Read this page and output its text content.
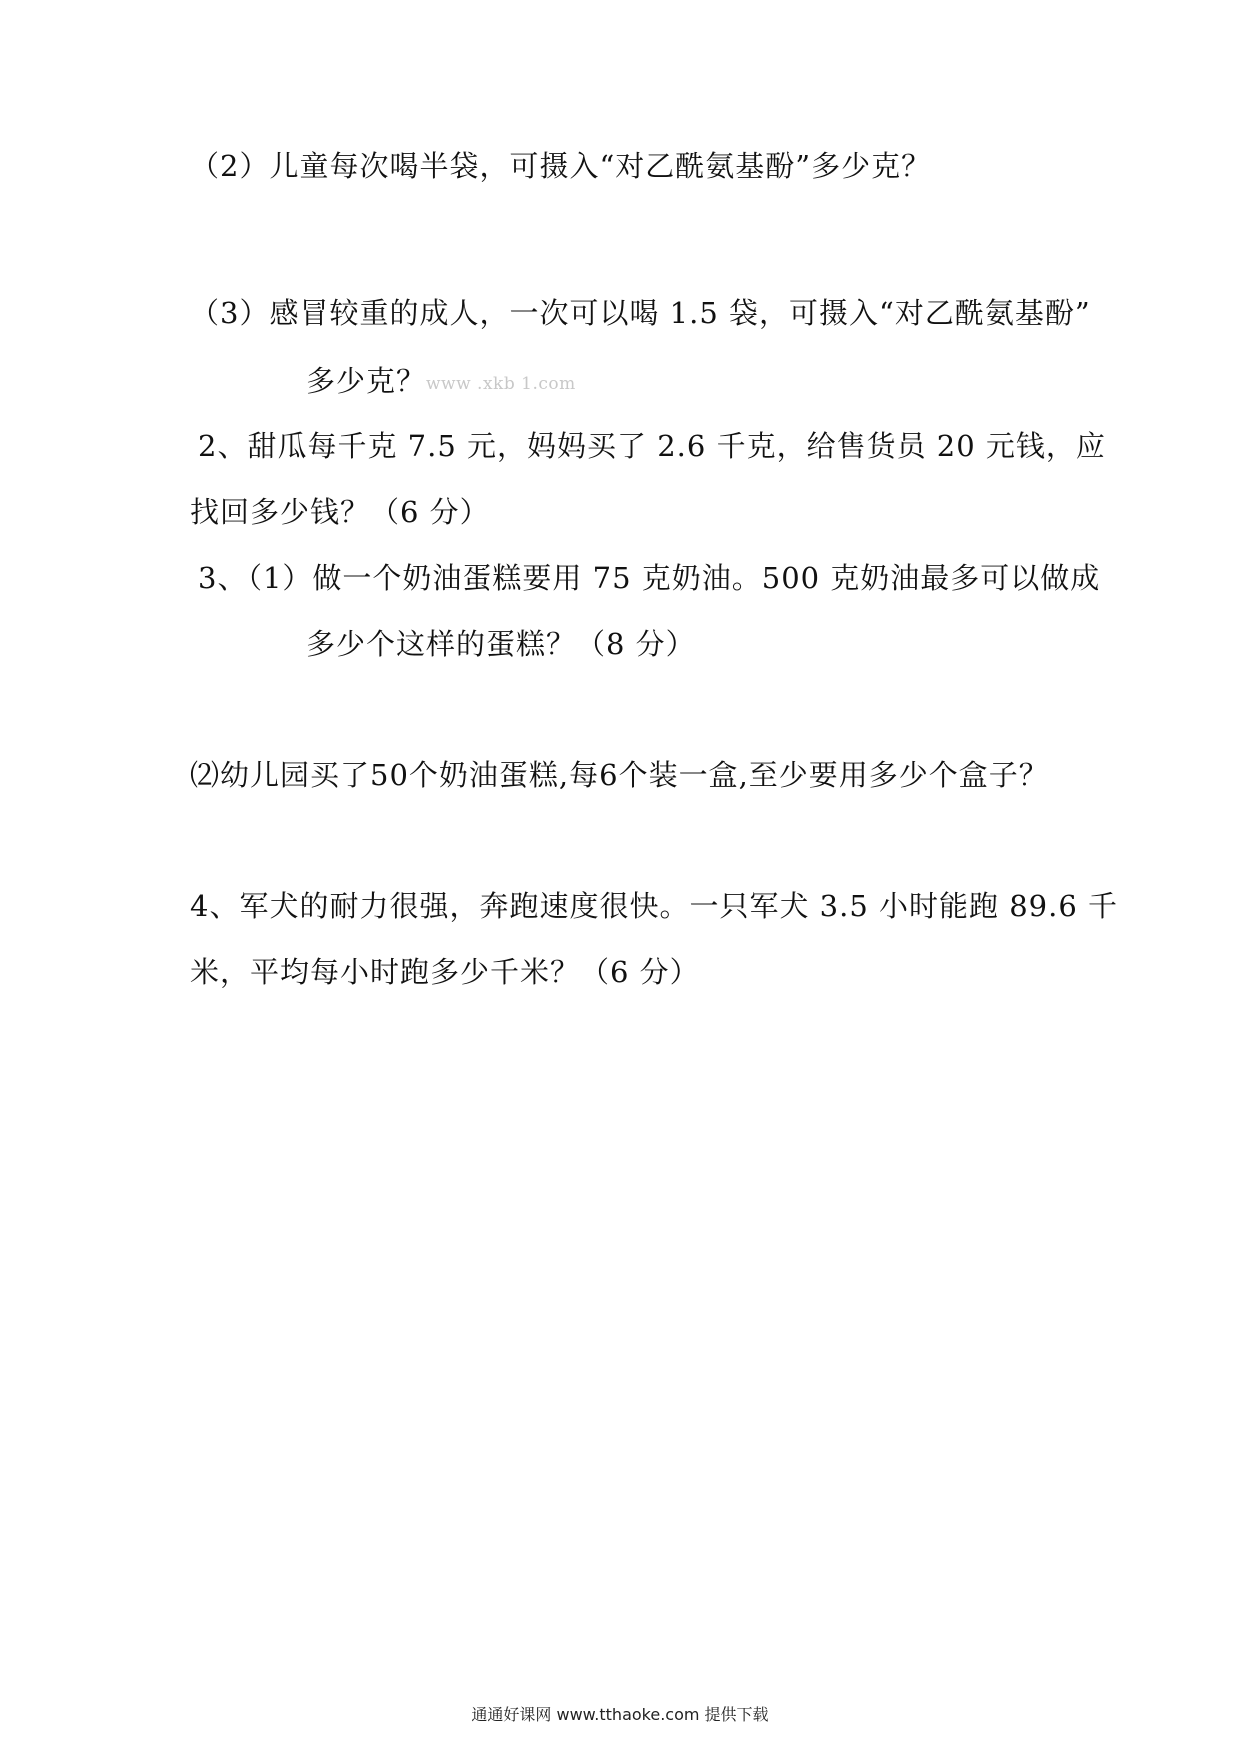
（2）儿童每次喝半袋，可摄入“对乙酰氨基酚”多少克？
（3）感冒较重的成人，一次可以喝 1.5 袋，可摄入“对乙酰氨基酚”
多少克？ www .xkb 1.com
2、甜瓜每千克 7.5 元，妈妈买了 2.6 千克，给售货员 20 元钱，应
找回多少钱？（6 分）
3、（1）做一个奶油蛋糕要用 75 克奶油。500 克奶油最多可以做成
多少个这样的蛋糕？（8 分）
⑵幼儿园买了50个奶油蛋糕,每6个装一盒,至少要用多少个盒子？
4、军犬的耐力很强，奔跑速度很快。一只军犬 3.5 小时能跑 89.6 千
米，平均每小时跑多少千米？（6 分）
通通好课网 www.tthaoke.com 提供下载
